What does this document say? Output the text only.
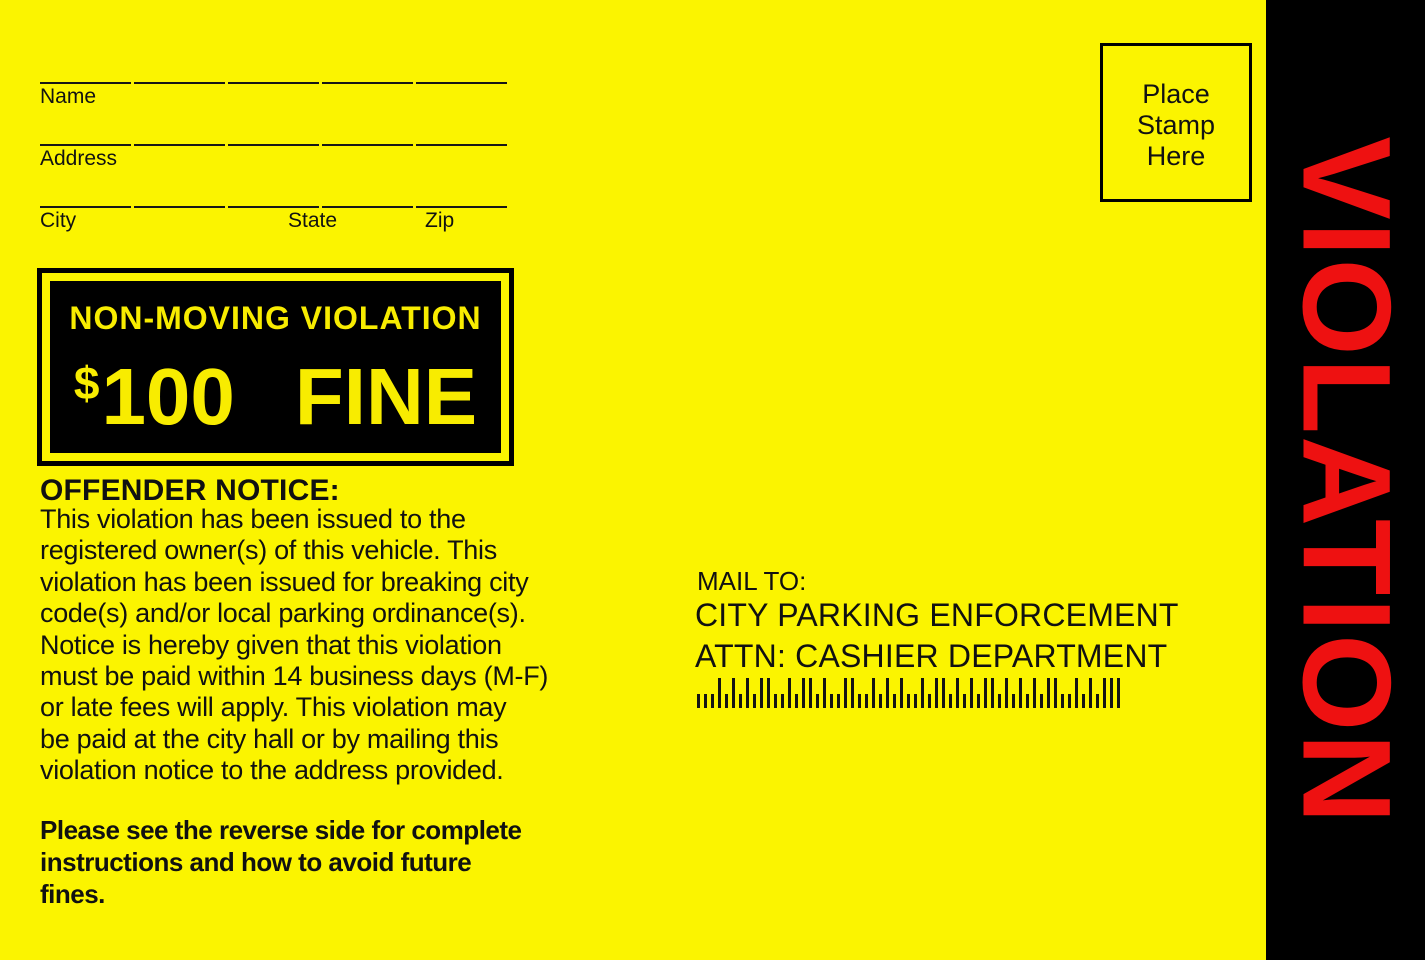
Name
Address
City	State	Zip
Place
Stamp
Here
NON-MOVING VIOLATION
$100 FINE
OFFENDER NOTICE:
This violation has been issued to the
registered owner(s) of this vehicle. This
violation has been issued for breaking city
code(s) and/or local parking ordinance(s).
Notice is hereby given that this violation
must be paid within 14 business days (M-F)
or late fees will apply. This violation may
be paid at the city hall or by mailing this
violation notice to the address provided.
Please see the reverse side for complete
instructions and how to avoid future
fines.
MAIL TO:
CITY PARKING ENFORCEMENT
ATTN: CASHIER DEPARTMENT VIOLATION
